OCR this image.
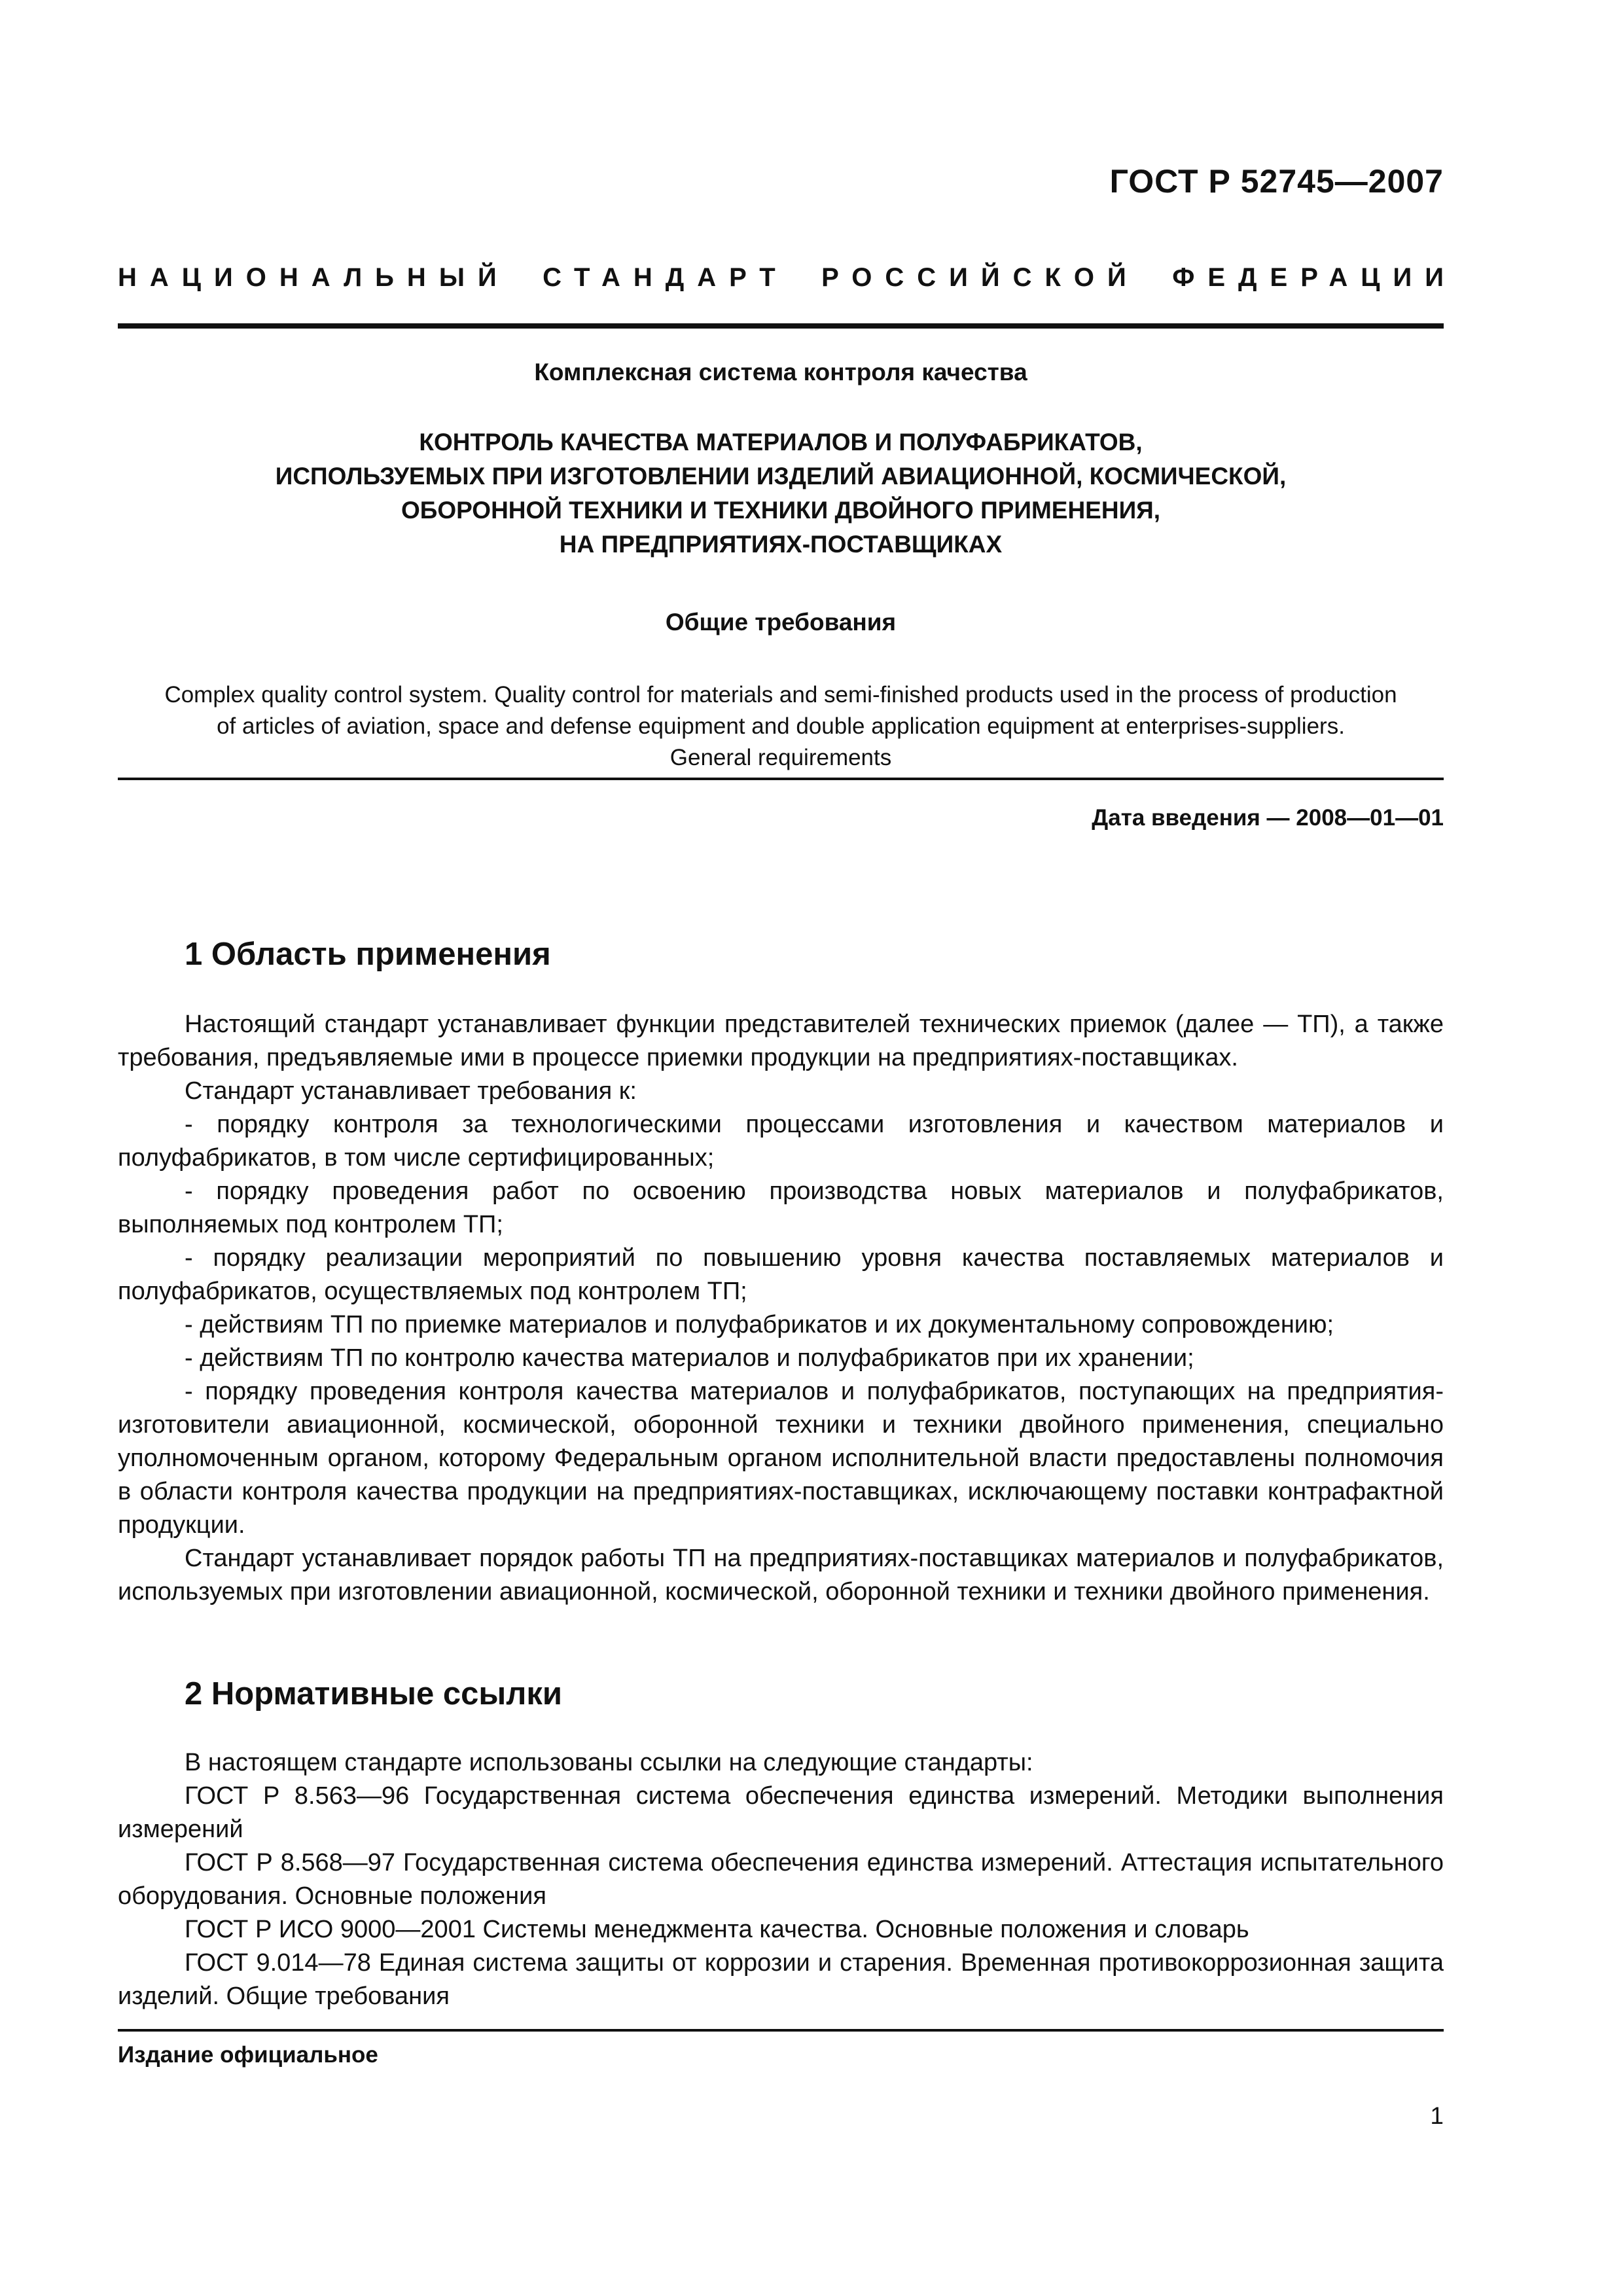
ГОСТ Р 52745—2007
НАЦИОНАЛЬНЫЙ СТАНДАРТ РОССИЙСКОЙ ФЕДЕРАЦИИ
Комплексная система контроля качества
КОНТРОЛЬ КАЧЕСТВА МАТЕРИАЛОВ И ПОЛУФАБРИКАТОВ,
ИСПОЛЬЗУЕМЫХ ПРИ ИЗГОТОВЛЕНИИ ИЗДЕЛИЙ АВИАЦИОННОЙ, КОСМИЧЕСКОЙ,
ОБОРОННОЙ ТЕХНИКИ И ТЕХНИКИ ДВОЙНОГО ПРИМЕНЕНИЯ,
НА ПРЕДПРИЯТИЯХ-ПОСТАВЩИКАХ
Общие требования
Complex quality control system. Quality control for materials and semi-finished products used in the process of production
of articles of aviation, space and defense equipment and double application equipment at enterprises-suppliers.
General requirements
Дата введения — 2008—01—01
1 Область применения

Настоящий стандарт устанавливает функции представителей технических приемок (далее — ТП), а также требования, предъявляемые ими в процессе приемки продукции на предприятиях-поставщиках.

Стандарт устанавливает требования к:

- порядку контроля за технологическими процессами изготовления и качеством материалов и полуфабрикатов, в том числе сертифицированных;

- порядку проведения работ по освоению производства новых материалов и полуфабрикатов, выполняемых под контролем ТП;

- порядку реализации мероприятий по повышению уровня качества поставляемых материалов и полуфабрикатов, осуществляемых под контролем ТП;

- действиям ТП по приемке материалов и полуфабрикатов и их документальному сопровождению;

- действиям ТП по контролю качества материалов и полуфабрикатов при их хранении;

- порядку проведения контроля качества материалов и полуфабрикатов, поступающих на предприятия-изготовители авиационной, космической, оборонной техники и техники двойного применения, специально уполномоченным органом, которому Федеральным органом исполнительной власти предоставлены полномочия в области контроля качества продукции на предприятиях-поставщиках, исключающему поставки контрафактной продукции.

Стандарт устанавливает порядок работы ТП на предприятиях-поставщиках материалов и полуфабрикатов, используемых при изготовлении авиационной, космической, оборонной техники и техники двойного применения.

2 Нормативные ссылки

В настоящем стандарте использованы ссылки на следующие стандарты:

ГОСТ Р 8.563—96 Государственная система обеспечения единства измерений. Методики выполнения измерений

ГОСТ Р 8.568—97 Государственная система обеспечения единства измерений. Аттестация испытательного оборудования. Основные положения

ГОСТ Р ИСО 9000—2001 Системы менеджмента качества. Основные положения и словарь

ГОСТ 9.014—78 Единая система защиты от коррозии и старения. Временная противокоррозионная защита изделий. Общие требования

Издание официальное
1
